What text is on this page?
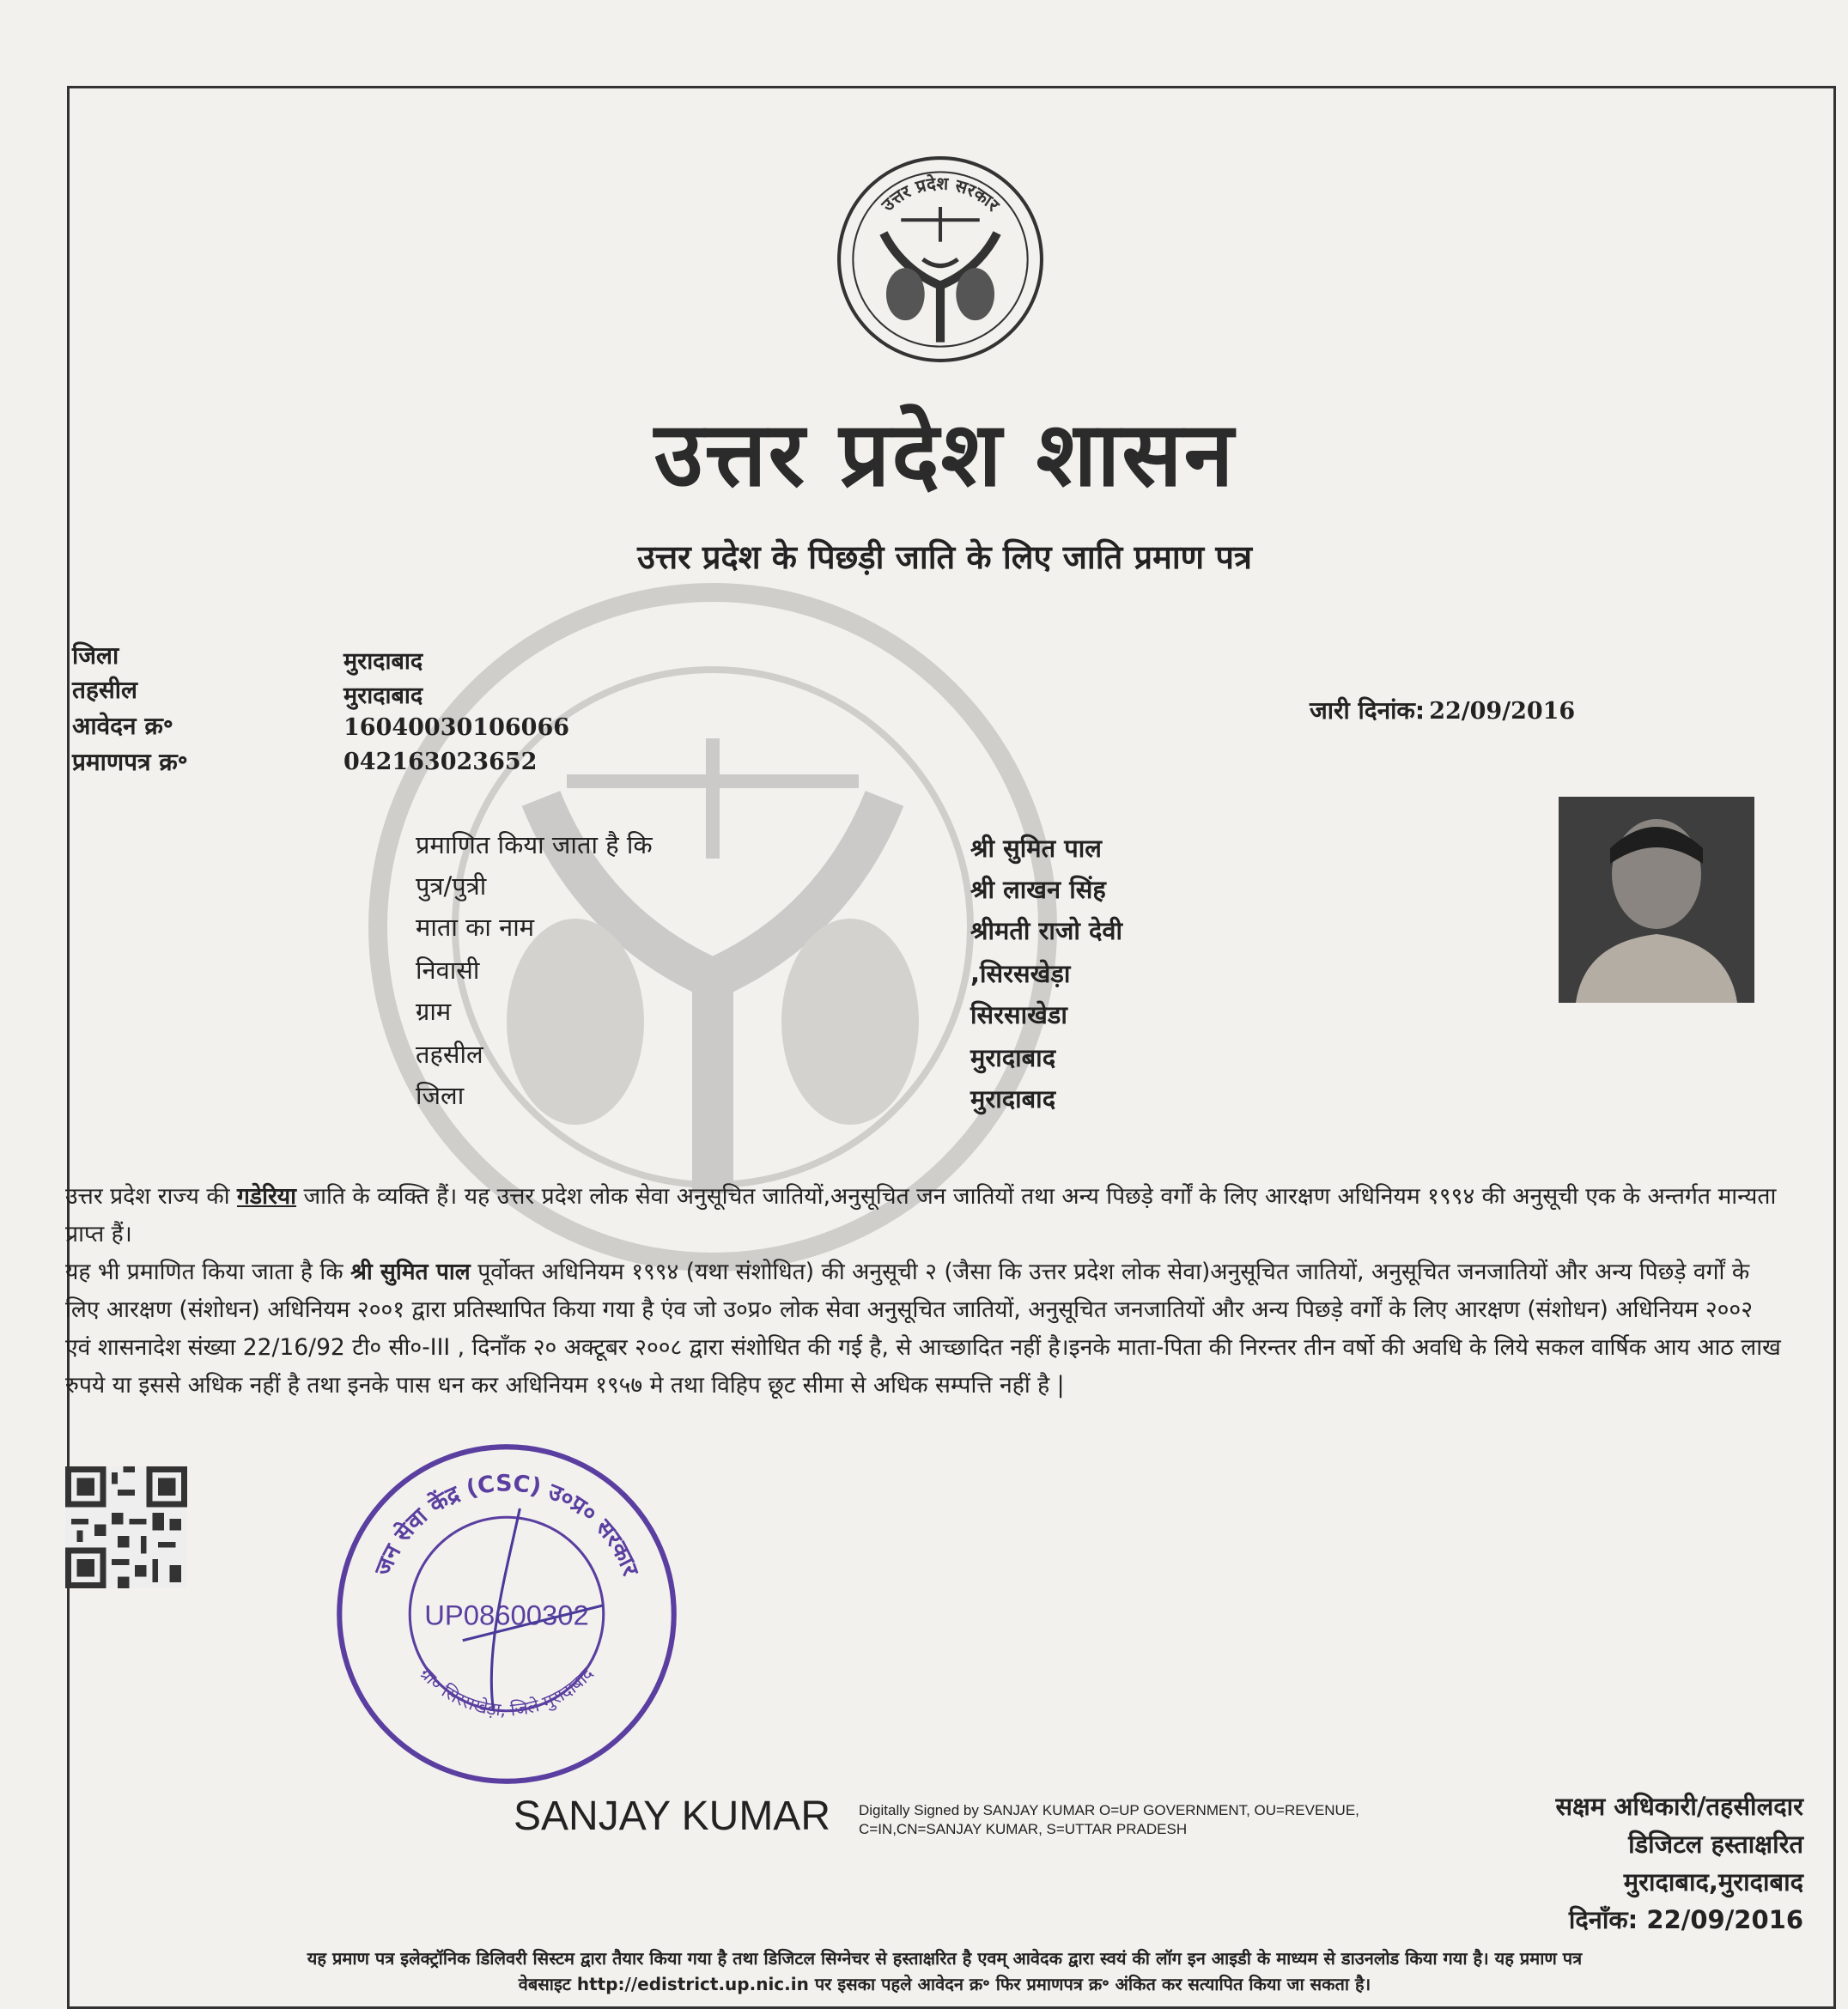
उत्तर प्रदेश सरकार
उत्तर प्रदेश शासन
उत्तर प्रदेश के पिछड़ी जाति के लिए जाति प्रमाण पत्र
जिला	मुरादाबाद
तहसील	मुरादाबाद
आवेदन क्र॰	16040030106066
प्रमाणपत्र क्र॰	042163023652
जारी दिनांक: 22/09/2016
प्रमाणित किया जाता है कि	श्री सुमित पाल
पुत्र/पुत्री	श्री लाखन सिंह
माता का नाम	श्रीमती राजो देवी
निवासी	,सिरसखेड़ा
ग्राम	सिरसाखेडा
तहसील	मुरादाबाद
जिला	मुरादाबाद

उत्तर प्रदेश राज्य की गडेरिया जाति के व्यक्ति हैं। यह उत्तर प्रदेश लोक सेवा अनुसूचित जातियों,अनुसूचित जन जातियों तथा अन्य पिछड़े वर्गों के लिए आरक्षण अधिनियम १९९४ की अनुसूची एक के अन्तर्गत मान्यता प्राप्त हैं।

यह भी प्रमाणित किया जाता है कि श्री सुमित पाल पूर्वोक्त अधिनियम १९९४ (यथा संशोधित) की अनुसूची २ (जैसा कि उत्तर प्रदेश लोक सेवा)अनुसूचित जातियों, अनुसूचित जनजातियों और अन्य पिछड़े वर्गों के लिए आरक्षण (संशोधन) अधिनियम २००१ द्वारा प्रतिस्थापित किया गया है एंव जो उ०प्र० लोक सेवा अनुसूचित जातियों, अनुसूचित जनजातियों और अन्य पिछड़े वर्गों के लिए आरक्षण (संशोधन) अधिनियम २००२ एवं शासनादेश संख्या 22/16/92 टी० सी०-III , दिनाँक २० अक्टूबर २००८ द्वारा संशोधित की गई है, से आच्छादित नहीं है।इनके माता-पिता की निरन्तर तीन वर्षो की अवधि के लिये सकल वार्षिक आय आठ लाख रुपये या इससे अधिक नहीं है तथा इनके पास धन कर अधिनियम १९५७ मे तथा विहिप छूट सीमा से अधिक सम्पत्ति नहीं है |

जन सेवा केंद्र (CSC) उ०प्र० सरकार
ग्रा० सिरसखेड़ा, जिले मुरादाबाद
UP08600302
SANJAY KUMAR Digitally Signed by SANJAY KUMAR O=UP GOVERNMENT, OU=REVENUE,
C=IN,CN=SANJAY KUMAR, S=UTTAR PRADESH
सक्षम अधिकारी/तहसीलदार
डिजिटल हस्ताक्षरित
मुरादाबाद,मुरादाबाद
दिनाँक: 22/09/2016
यह प्रमाण पत्र इलेक्ट्रॉनिक डिलिवरी सिस्टम द्वारा तैयार किया गया है तथा डिजिटल सिग्नेचर से हस्ताक्षरित है एवम् आवेदक द्वारा स्वयं की लॉग इन आइडी के माध्यम से डाउनलोड किया गया है। यह प्रमाण पत्र
वेबसाइट http://edistrict.up.nic.in पर इसका पहले आवेदन क्र॰ फिर प्रमाणपत्र क्र॰ अंकित कर सत्यापित किया जा सकता है।
